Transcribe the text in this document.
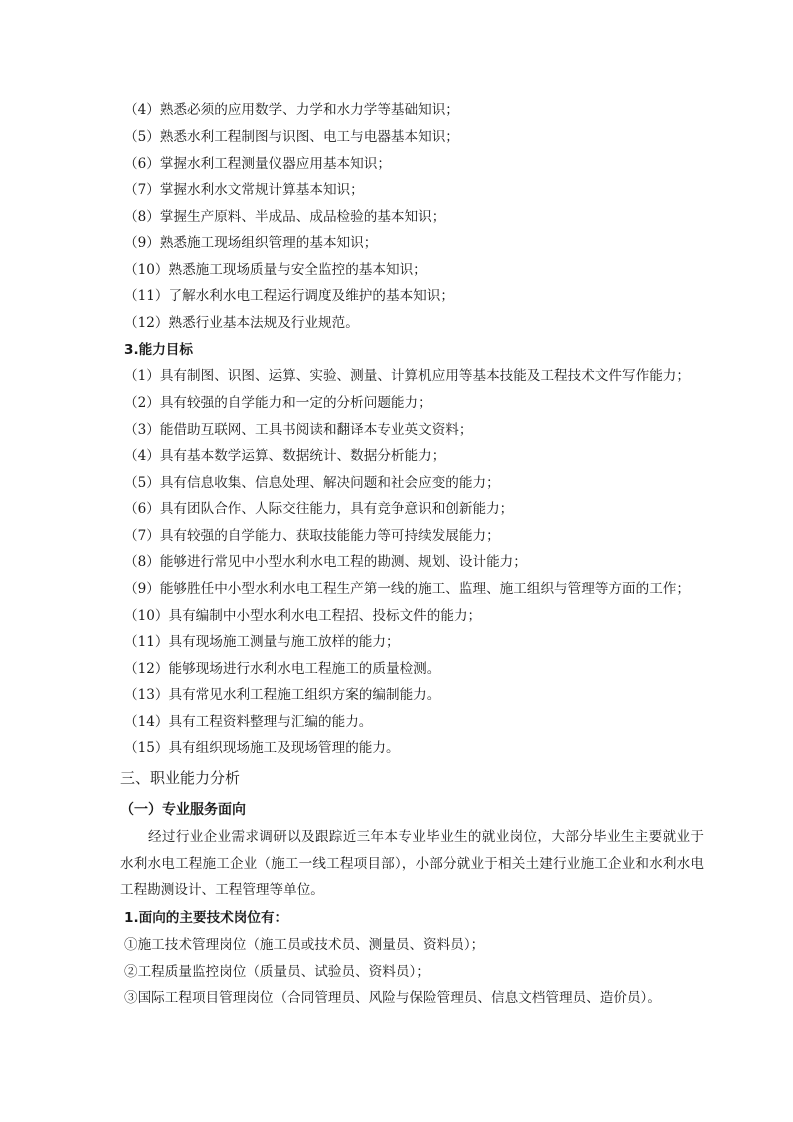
（4）熟悉必须的应用数学、力学和水力学等基础知识；
（5）熟悉水利工程制图与识图、电工与电器基本知识；
（6）掌握水利工程测量仪器应用基本知识；
（7）掌握水利水文常规计算基本知识；
（8）掌握生产原料、半成品、成品检验的基本知识；
（9）熟悉施工现场组织管理的基本知识；
（10）熟悉施工现场质量与安全监控的基本知识；
（11）了解水利水电工程运行调度及维护的基本知识；
（12）熟悉行业基本法规及行业规范。
3.能力目标
（1）具有制图、识图、运算、实验、测量、计算机应用等基本技能及工程技术文件写作能力；
（2）具有较强的自学能力和一定的分析问题能力；
（3）能借助互联网、工具书阅读和翻译本专业英文资料；
（4）具有基本数学运算、数据统计、数据分析能力；
（5）具有信息收集、信息处理、解决问题和社会应变的能力；
（6）具有团队合作、人际交往能力，具有竞争意识和创新能力；
（7）具有较强的自学能力、获取技能能力等可持续发展能力；
（8）能够进行常见中小型水利水电工程的勘测、规划、设计能力；
（9）能够胜任中小型水利水电工程生产第一线的施工、监理、施工组织与管理等方面的工作；
（10）具有编制中小型水利水电工程招、投标文件的能力；
（11）具有现场施工测量与施工放样的能力；
（12）能够现场进行水利水电工程施工的质量检测。
（13）具有常见水利工程施工组织方案的编制能力。
（14）具有工程资料整理与汇编的能力。
（15）具有组织现场施工及现场管理的能力。
三、职业能力分析
（一）专业服务面向
经过行业企业需求调研以及跟踪近三年本专业毕业生的就业岗位，大部分毕业生主要就业于水利水电工程施工企业（施工一线工程项目部），小部分就业于相关土建行业施工企业和水利水电工程勘测设计、工程管理等单位。
1.面向的主要技术岗位有：
①施工技术管理岗位（施工员或技术员、测量员、资料员）；
②工程质量监控岗位（质量员、试验员、资料员）；
③国际工程项目管理岗位（合同管理员、风险与保险管理员、信息文档管理员、造价员）。
